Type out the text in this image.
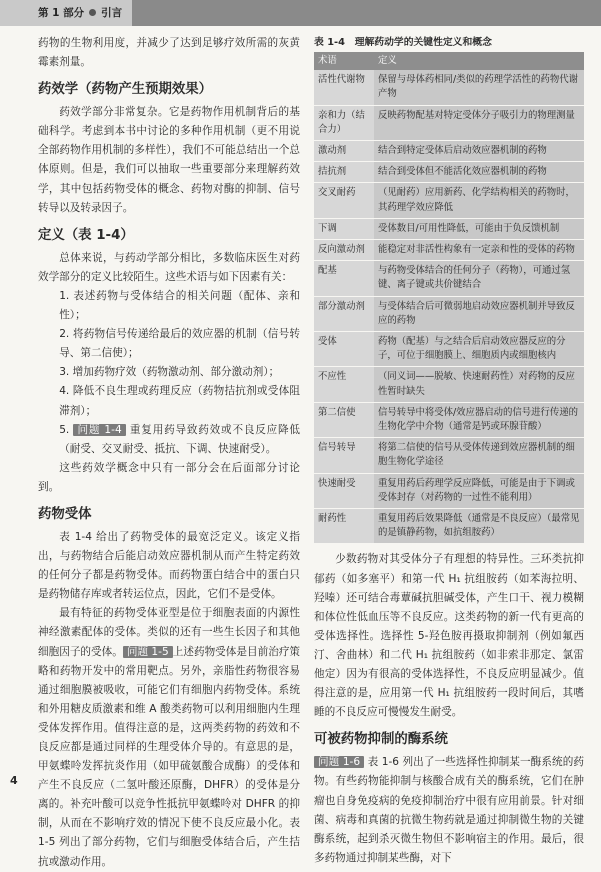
第 1 部分 引言

药物的生物利用度，并减少了达到足够疗效所需的灰黄霉素剂量。

药效学（药物产生预期效果）

药效学部分非常复杂。它是药物作用机制背后的基础科学。考虑到本书中讨论的多种作用机制（更不用说全部药物作用机制的多样性），我们不可能总结出一个总体原则。但是，我们可以抽取一些重要部分来理解药效学，其中包括药物受体的概念、药物对酶的抑制、信号转导以及转录因子。

定义（表 1-4）

总体来说，与药动学部分相比，多数临床医生对药效学部分的定义比较陌生。这些术语与如下因素有关：

1. 表述药物与受体结合的相关问题（配体、亲和性）；

2. 将药物信号传递给最后的效应器的机制（信号转导、第二信使）；

3. 增加药物疗效（药物激动剂、部分激动剂）；

4. 降低不良生理或药理反应（药物拮抗剂或受体阻滞剂）；

5. 问题 1-4 重复用药导致药效或不良反应降低（耐受、交叉耐受、抵抗、下调、快速耐受）。

这些药效学概念中只有一部分会在后面部分讨论到。

药物受体

表 1-4 给出了药物受体的最宽泛定义。该定义指出，与药物结合后能启动效应器机制从而产生特定药效的任何分子都是药物受体。而药物蛋白结合中的蛋白只是药物储存库或者转运位点，因此，它们不是受体。

最有特征的药物受体亚型是位于细胞表面的内源性神经激素配体的受体。类似的还有一些生长因子和其他细胞因子的受体。 问题 1-5 上述药物受体是目前治疗策略和药物开发中的常用靶点。另外，亲脂性药物很容易通过细胞膜被吸收，可能它们有细胞内药物受体。系统和外用糖皮质激素和维 A 酸类药物可以利用细胞内生理受体发挥作用。值得注意的是，这两类药物的药效和不良反应都是通过同样的生理受体介导的。有意思的是，甲氨蝶呤发挥抗炎作用（如甲硫氨酸合成酶）的受体和产生不良反应（二氢叶酸还原酶，DHFR）的受体是分离的。补充叶酸可以竞争性抵抗甲氨蝶呤对 DHFR 的抑制，从而在不影响疗效的情况下使不良反应最小化。表 1-5 列出了部分药物，它们与细胞受体结合后，产生拮抗或激动作用。

表 1-4　理解药动学的关键性定义和概念

术语	定义
活性代谢物	保留与母体药相同/类似的药理学活性的药物代谢产物
亲和力（结合力）	反映药物配基对特定受体分子吸引力的物理测量
激动剂	结合到特定受体后启动效应器机制的药物
拮抗剂	结合到受体但不能活化效应器机制的药物
交叉耐药	（见耐药）应用新药、化学结构相关的药物时，其药理学效应降低
下调	受体数目/可用性降低，可能由于负反馈机制
反向激动剂	能稳定对非活性构象有一定亲和性的受体的药物
配基	与药物受体结合的任何分子（药物），可通过氢键、离子键或共价键结合
部分激动剂	与受体结合后可微弱地启动效应器机制并导致反应的药物
受体	药物（配基）与之结合后启动效应器反应的分子，可位于细胞膜上、细胞质内或细胞核内
不应性	（同义词——脱敏、快速耐药性）对药物的反应性暂时缺失
第二信使	信号转导中将受体/效应器启动的信号进行传递的生物化学中介物（通常是钙或环腺苷酸）
信号转导	将第二信使的信号从受体传递到效应器机制的细胞生物化学途径
快速耐受	重复用药后药理学反应降低，可能是由于下调或受体封存（对药物的一过性不能利用）
耐药性	重复用药后效果降低（通常是不良反应）（最常见的是镇静药物，如抗组胺药）

少数药物对其受体分子有理想的特异性。三环类抗抑郁药（如多塞平）和第一代 H₁ 抗组胺药（如苯海拉明、羟嗪）还可结合毒蕈碱抗胆碱受体，产生口干、视力模糊和体位性低血压等不良反应。这类药物的新一代有更高的受体选择性。选择性 5-羟色胺再摄取抑制剂（例如氟西汀、舍曲林）和二代 H₁ 抗组胺药（如非索非那定、氯雷他定）因为有很高的受体选择性，不良反应明显减少。值得注意的是，应用第一代 H₁ 抗组胺药一段时间后，其嗜睡的不良反应可慢慢发生耐受。

可被药物抑制的酶系统

问题 1-6 表 1-6 列出了一些选择性抑制某一酶系统的药物。有些药物能抑制与核酸合成有关的酶系统，它们在肿瘤也自身免疫病的免疫抑制治疗中很有应用前景。针对细菌、病毒和真菌的抗微生物药就是通过抑制微生物的关键酶系统，起到杀灭微生物但不影响宿主的作用。最后，很多药物通过抑制某些酶，对下

4
